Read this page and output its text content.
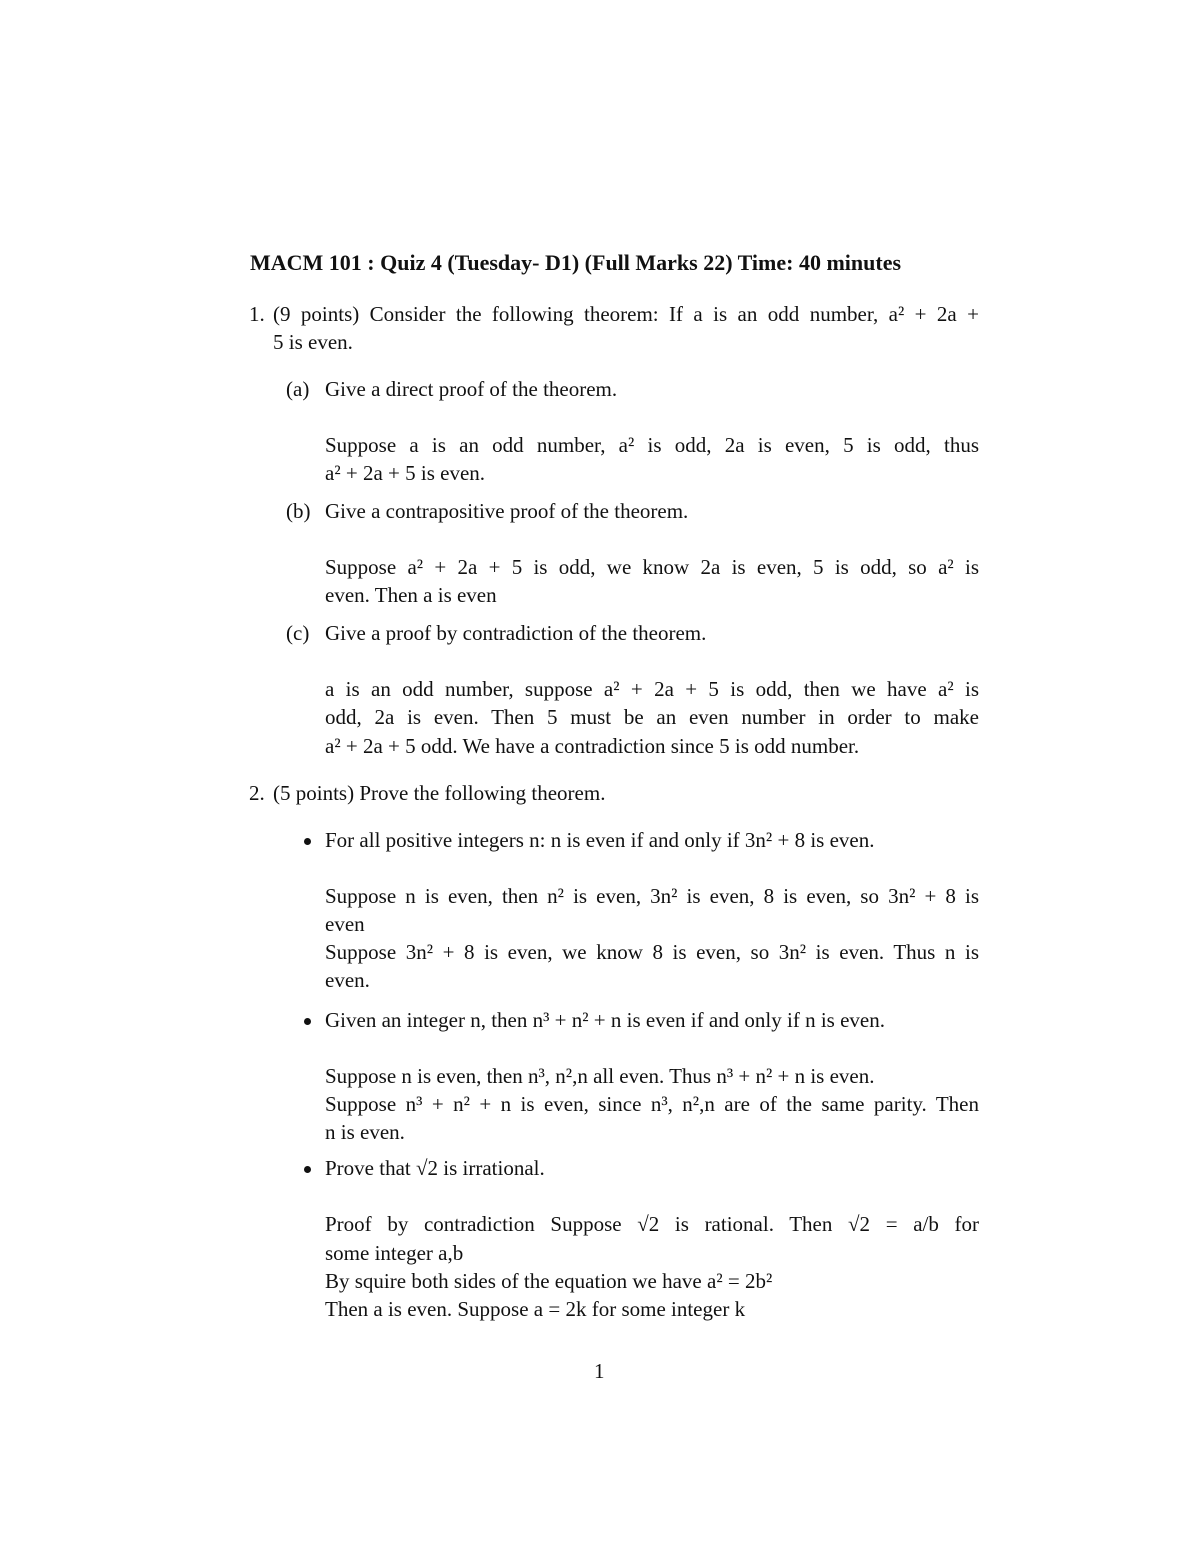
MACM 101 : Quiz 4 (Tuesday- D1) (Full Marks 22) Time: 40 minutes
1. (9 points) Consider the following theorem: If a is an odd number, a² + 2a +
5 is even.
(a) Give a direct proof of the theorem.
Suppose a is an odd number, a² is odd, 2a is even, 5 is odd, thus
a² + 2a + 5 is even.
(b) Give a contrapositive proof of the theorem.
Suppose a² + 2a + 5 is odd, we know 2a is even, 5 is odd, so a² is
even. Then a is even
(c) Give a proof by contradiction of the theorem.
a is an odd number, suppose a² + 2a + 5 is odd, then we have a² is
odd, 2a is even. Then 5 must be an even number in order to make
a² + 2a + 5 odd. We have a contradiction since 5 is odd number.
2. (5 points) Prove the following theorem.
For all positive integers n: n is even if and only if 3n² + 8 is even.
Suppose n is even, then n² is even, 3n² is even, 8 is even, so 3n² + 8 is
even
Suppose 3n² + 8 is even, we know 8 is even, so 3n² is even. Thus n is
even.
Given an integer n, then n³ + n² + n is even if and only if n is even.
Suppose n is even, then n³, n²,n all even. Thus n³ + n² + n is even.
Suppose n³ + n² + n is even, since n³, n²,n are of the same parity. Then
n is even.
Prove that √2 is irrational.
Proof by contradiction Suppose √2 is rational. Then √2 = a/b for
some integer a,b
By squire both sides of the equation we have a² = 2b²
Then a is even. Suppose a = 2k for some integer k
1
